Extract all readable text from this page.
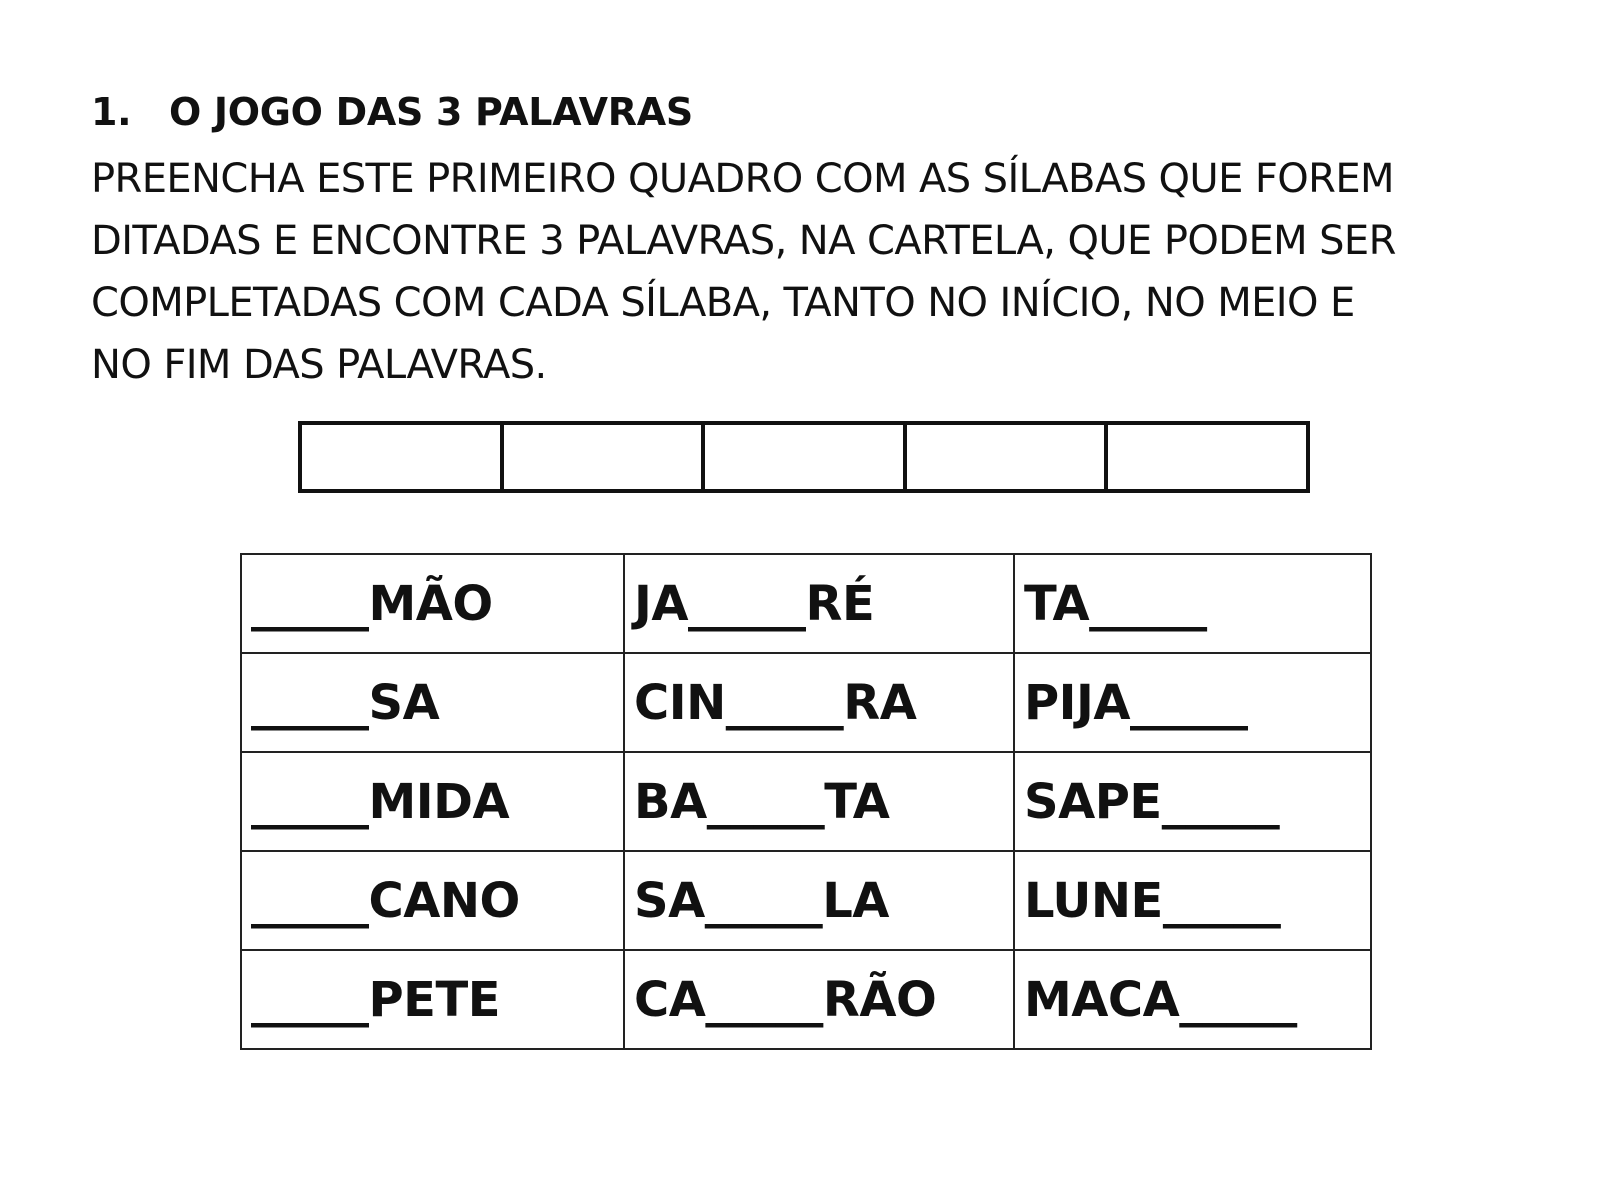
1. O JOGO DAS 3 PALAVRAS
PREENCHA ESTE PRIMEIRO QUADRO COM AS SÍLABAS QUE FOREM
DITADAS E ENCONTRE 3 PALAVRAS, NA CARTELA, QUE PODEM SER
COMPLETADAS COM CADA SÍLABA, TANTO NO INÍCIO, NO MEIO E
NO FIM DAS PALAVRAS.

_____MÃO	JA_____RÉ	TA_____
_____SA	CIN_____RA	PIJA_____
_____MIDA	BA_____TA	SAPE_____
_____CANO	SA_____LA	LUNE_____
_____PETE	CA_____RÃO	MACA_____
